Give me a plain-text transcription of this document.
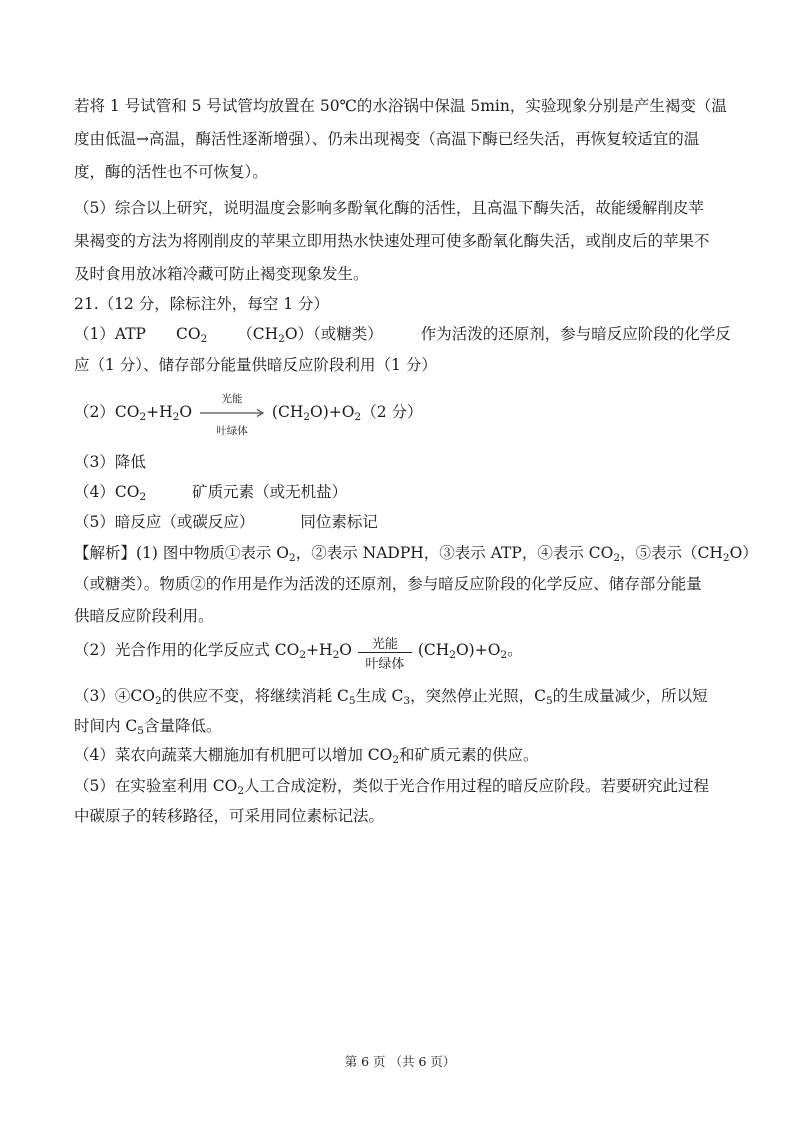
若将 1 号试管和 5 号试管均放置在 50℃的水浴锅中保温 5min，实验现象分别是产生褐变（温
度由低温→高温，酶活性逐渐增强）、仍未出现褐变（高温下酶已经失活，再恢复较适宜的温
度，酶的活性也不可恢复）。
（5）综合以上研究，说明温度会影响多酚氧化酶的活性，且高温下酶失活，故能缓解削皮苹
果褐变的方法为将刚削皮的苹果立即用热水快速处理可使多酚氧化酶失活，或削皮后的苹果不
及时食用放冰箱冷藏可防止褐变现象发生。
21.（12 分，除标注外，每空 1 分）
（1）ATP $CO_2$ $(CH_2O)$（或糖类） 作为活泼的还原剂，参与暗反应阶段的化学反
应（1 分）、储存部分能量供暗反应阶段利用（1 分）
$(2)CO_2+H_2O$
光能
叶绿体
$(CH_2O)+O_2(2$ 分）
（3）降低
$(4)CO_2$	矿质元素（或无机盐）
（5）暗反应（或碳反应）	同位素标记
【解析】(1) 图中物质①表示 $O_2$，②表示 NADPH，③表示 ATP，④表示 $CO_2$，⑤表示$(CH_2O)$
（或糖类）。物质②的作用是作为活泼的还原剂，参与暗反应阶段的化学反应、储存部分能量
供暗反应阶段利用。
（2）光合作用的化学反应式 $CO_2+H_2O \frac{\text{光能}}{\text{叶绿体}} (CH_2O)+O_2$。
$(3)④CO_2$的供应不变，将继续消耗 $C_5$生成 $C_3$，突然停止光照，$C_5$的生成量减少，所以短
时间内 $C_5$含量降低。
（4）菜农向蔬菜大棚施加有机肥可以增加 $CO_2$和矿质元素的供应。
（5）在实验室利用 $CO_2$人工合成淀粉，类似于光合作用过程的暗反应阶段。若要研究此过程
中碳原子的转移路径，可采用同位素标记法。
第 6 页 （共 6 页）
